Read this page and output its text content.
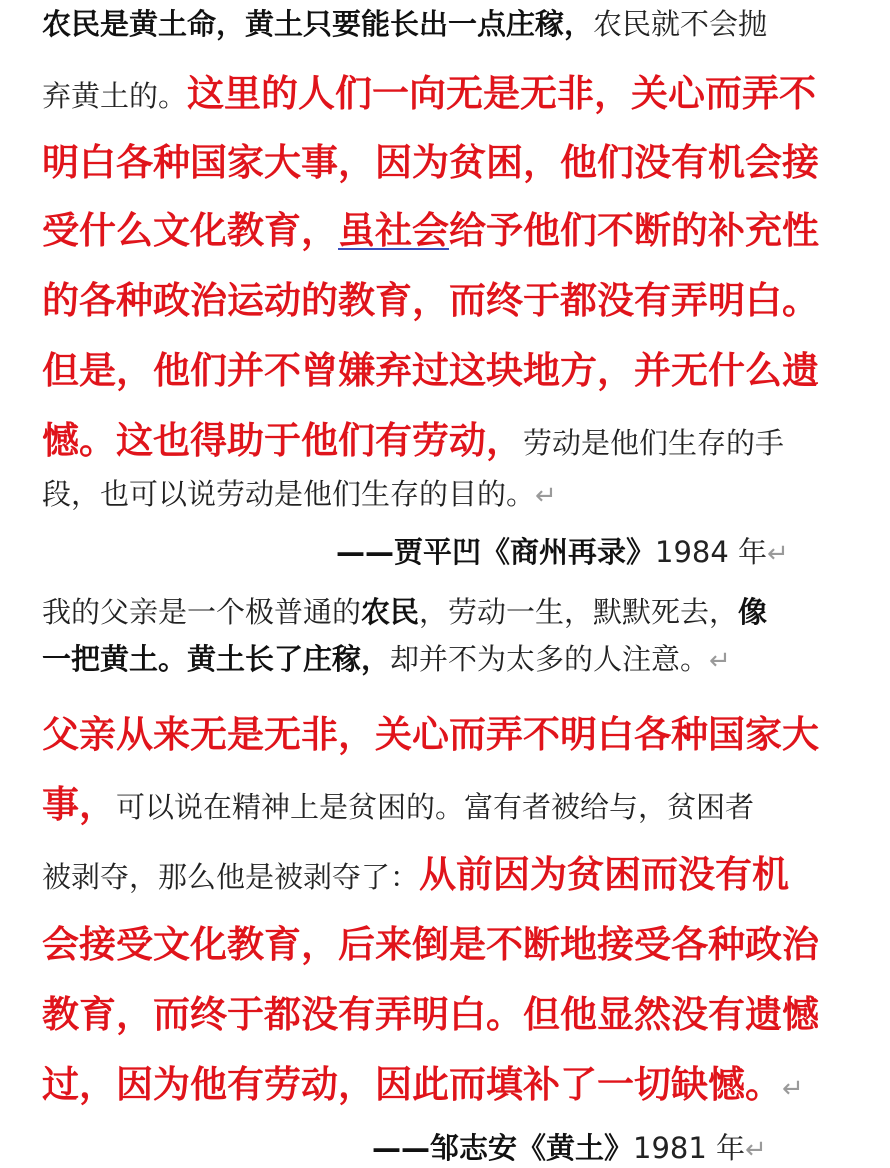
农民是黄土命，黄土只要能长出一点庄稼，农民就不会抛
弃黄土的。这里的人们一向无是无非，关心而弄不
明白各种国家大事，因为贫困，他们没有机会接
受什么文化教育，虽社会给予他们不断的补充性
的各种政治运动的教育，而终于都没有弄明白。
但是，他们并不曾嫌弃过这块地方，并无什么遗
憾。这也得助于他们有劳动，劳动是他们生存的手
段，也可以说劳动是他们生存的目的。↵
——贾平凹《商州再录》1984 年↵
我的父亲是一个极普通的农民，劳动一生，默默死去，像
一把黄土。黄土长了庄稼，却并不为太多的人注意。↵
父亲从来无是无非，关心而弄不明白各种国家大
事，可以说在精神上是贫困的。富有者被给与，贫困者
被剥夺，那么他是被剥夺了：从前因为贫困而没有机
会接受文化教育，后来倒是不断地接受各种政治
教育，而终于都没有弄明白。但他显然没有遗憾
过，因为他有劳动，因此而填补了一切缺憾。↵
——邹志安《黄土》1981 年↵
